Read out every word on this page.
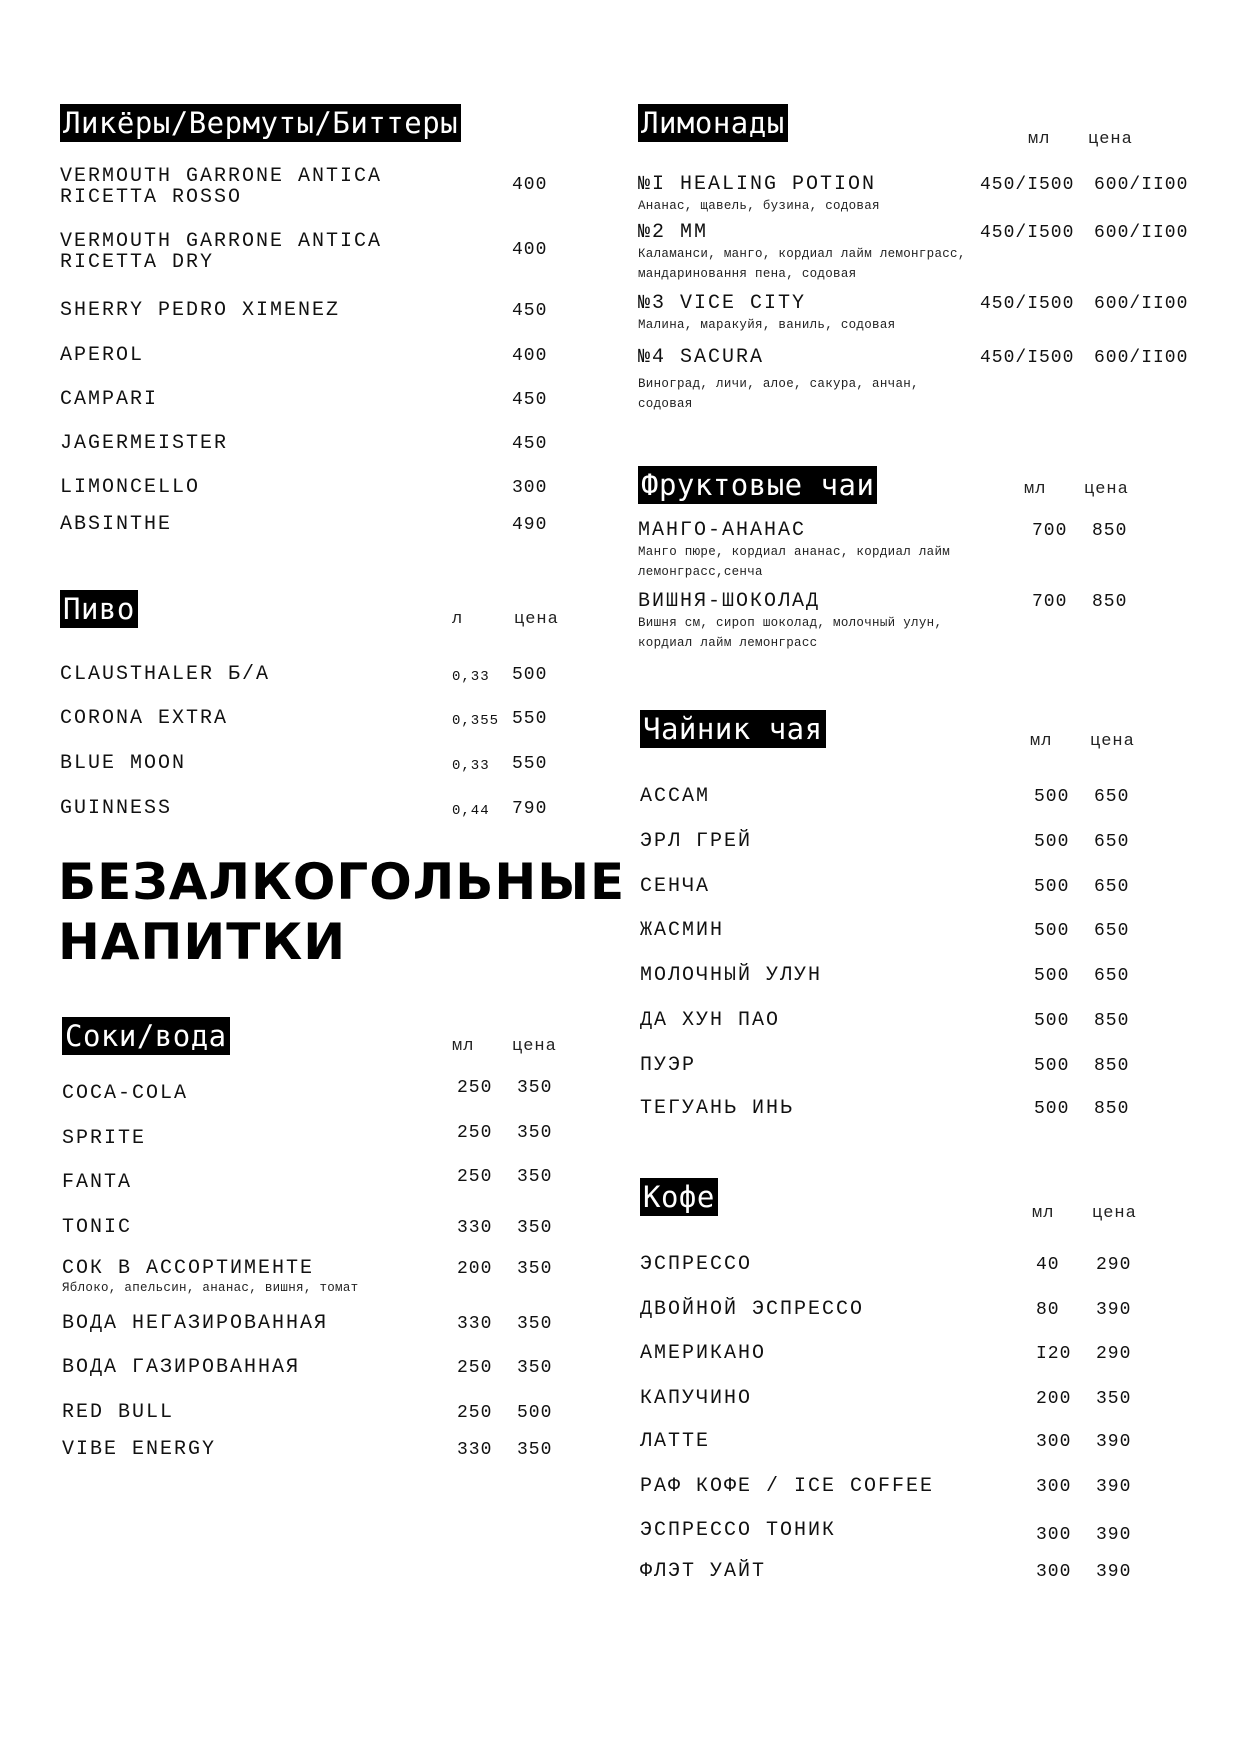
Ликёры/Вермуты/Биттеры
VERMOUTH GARRONE ANTICA
RICETTA ROSSO
400
VERMOUTH GARRONE ANTICA
RICETTA DRY
400
SHERRY PEDRO XIMENEZ	450
APEROL	400
CAMPARI	450
JAGERMEISTER	450
LIMONCELLO	300
ABSINTHE	490
Пиво	л	цена
CLAUSTHALER Б/А	0,33 500
CORONA EXTRA	0,355 550
BLUE MOON	0,33 550
GUINNESS	0,44 790
БЕЗАЛКОГОЛЬНЫЕ
НАПИТКИ
Соки/вода	мл цена
COCA-COLA	250 350
SPRITE	250 350
FANTA	250 350
TONIC	330 350
СОК В АССОРТИМЕНТЕ
Яблоко, апельсин, ананас, вишня, томат
200 350
ВОДА НЕГАЗИРОВАННАЯ	330 350
ВОДА ГАЗИРОВАННАЯ	250 350
RED BULL	250 500
VIBE ENERGY	330 350
Лимонады	мл цена
№I HEALING POTION
Ананас, щавель, бузина, содовая
450/I500 600/II00
№2 MM
Каламанси, манго, кордиал лайм лемонграсс,
мандариновання пена, содовая
450/I500 600/II00
№3 VICE CITY
Малина, маракуйя, ваниль, содовая
450/I500 600/II00
№4 SACURA
Виноград, личи, алое, сакура, анчан,
содовая
450/I500 600/II00
Фруктовые чаи	мл цена
МАНГО-АНАНАС
Манго пюре, кордиал ананас, кордиал лайм
лемонграсс,сенча
700 850
ВИШНЯ-ШОКОЛАД
Вишня см, сироп шоколад, молочный улун,
кордиал лайм лемонграсс
700 850
Чайник чая	мл цена
АССАМ	500 650
ЭРЛ ГРЕЙ	500 650
СЕНЧА	500 650
ЖАСМИН	500 650
МОЛОЧНЫЙ УЛУН	500 650
ДА ХУН ПАО	500 850
ПУЭР	500 850
ТЕГУАНЬ ИНЬ	500 850
Кофе	мл цена
ЭСПРЕССО	40 290
ДВОЙНОЙ ЭСПРЕССО	80 390
АМЕРИКАНО	I20 290
КАПУЧИНО	200 350
ЛАТТЕ	300 390
РАФ КОФЕ / ICE COFFEE	300 390
ЭСПРЕССО ТОНИК	300 390
ФЛЭТ УАЙТ	300 390
